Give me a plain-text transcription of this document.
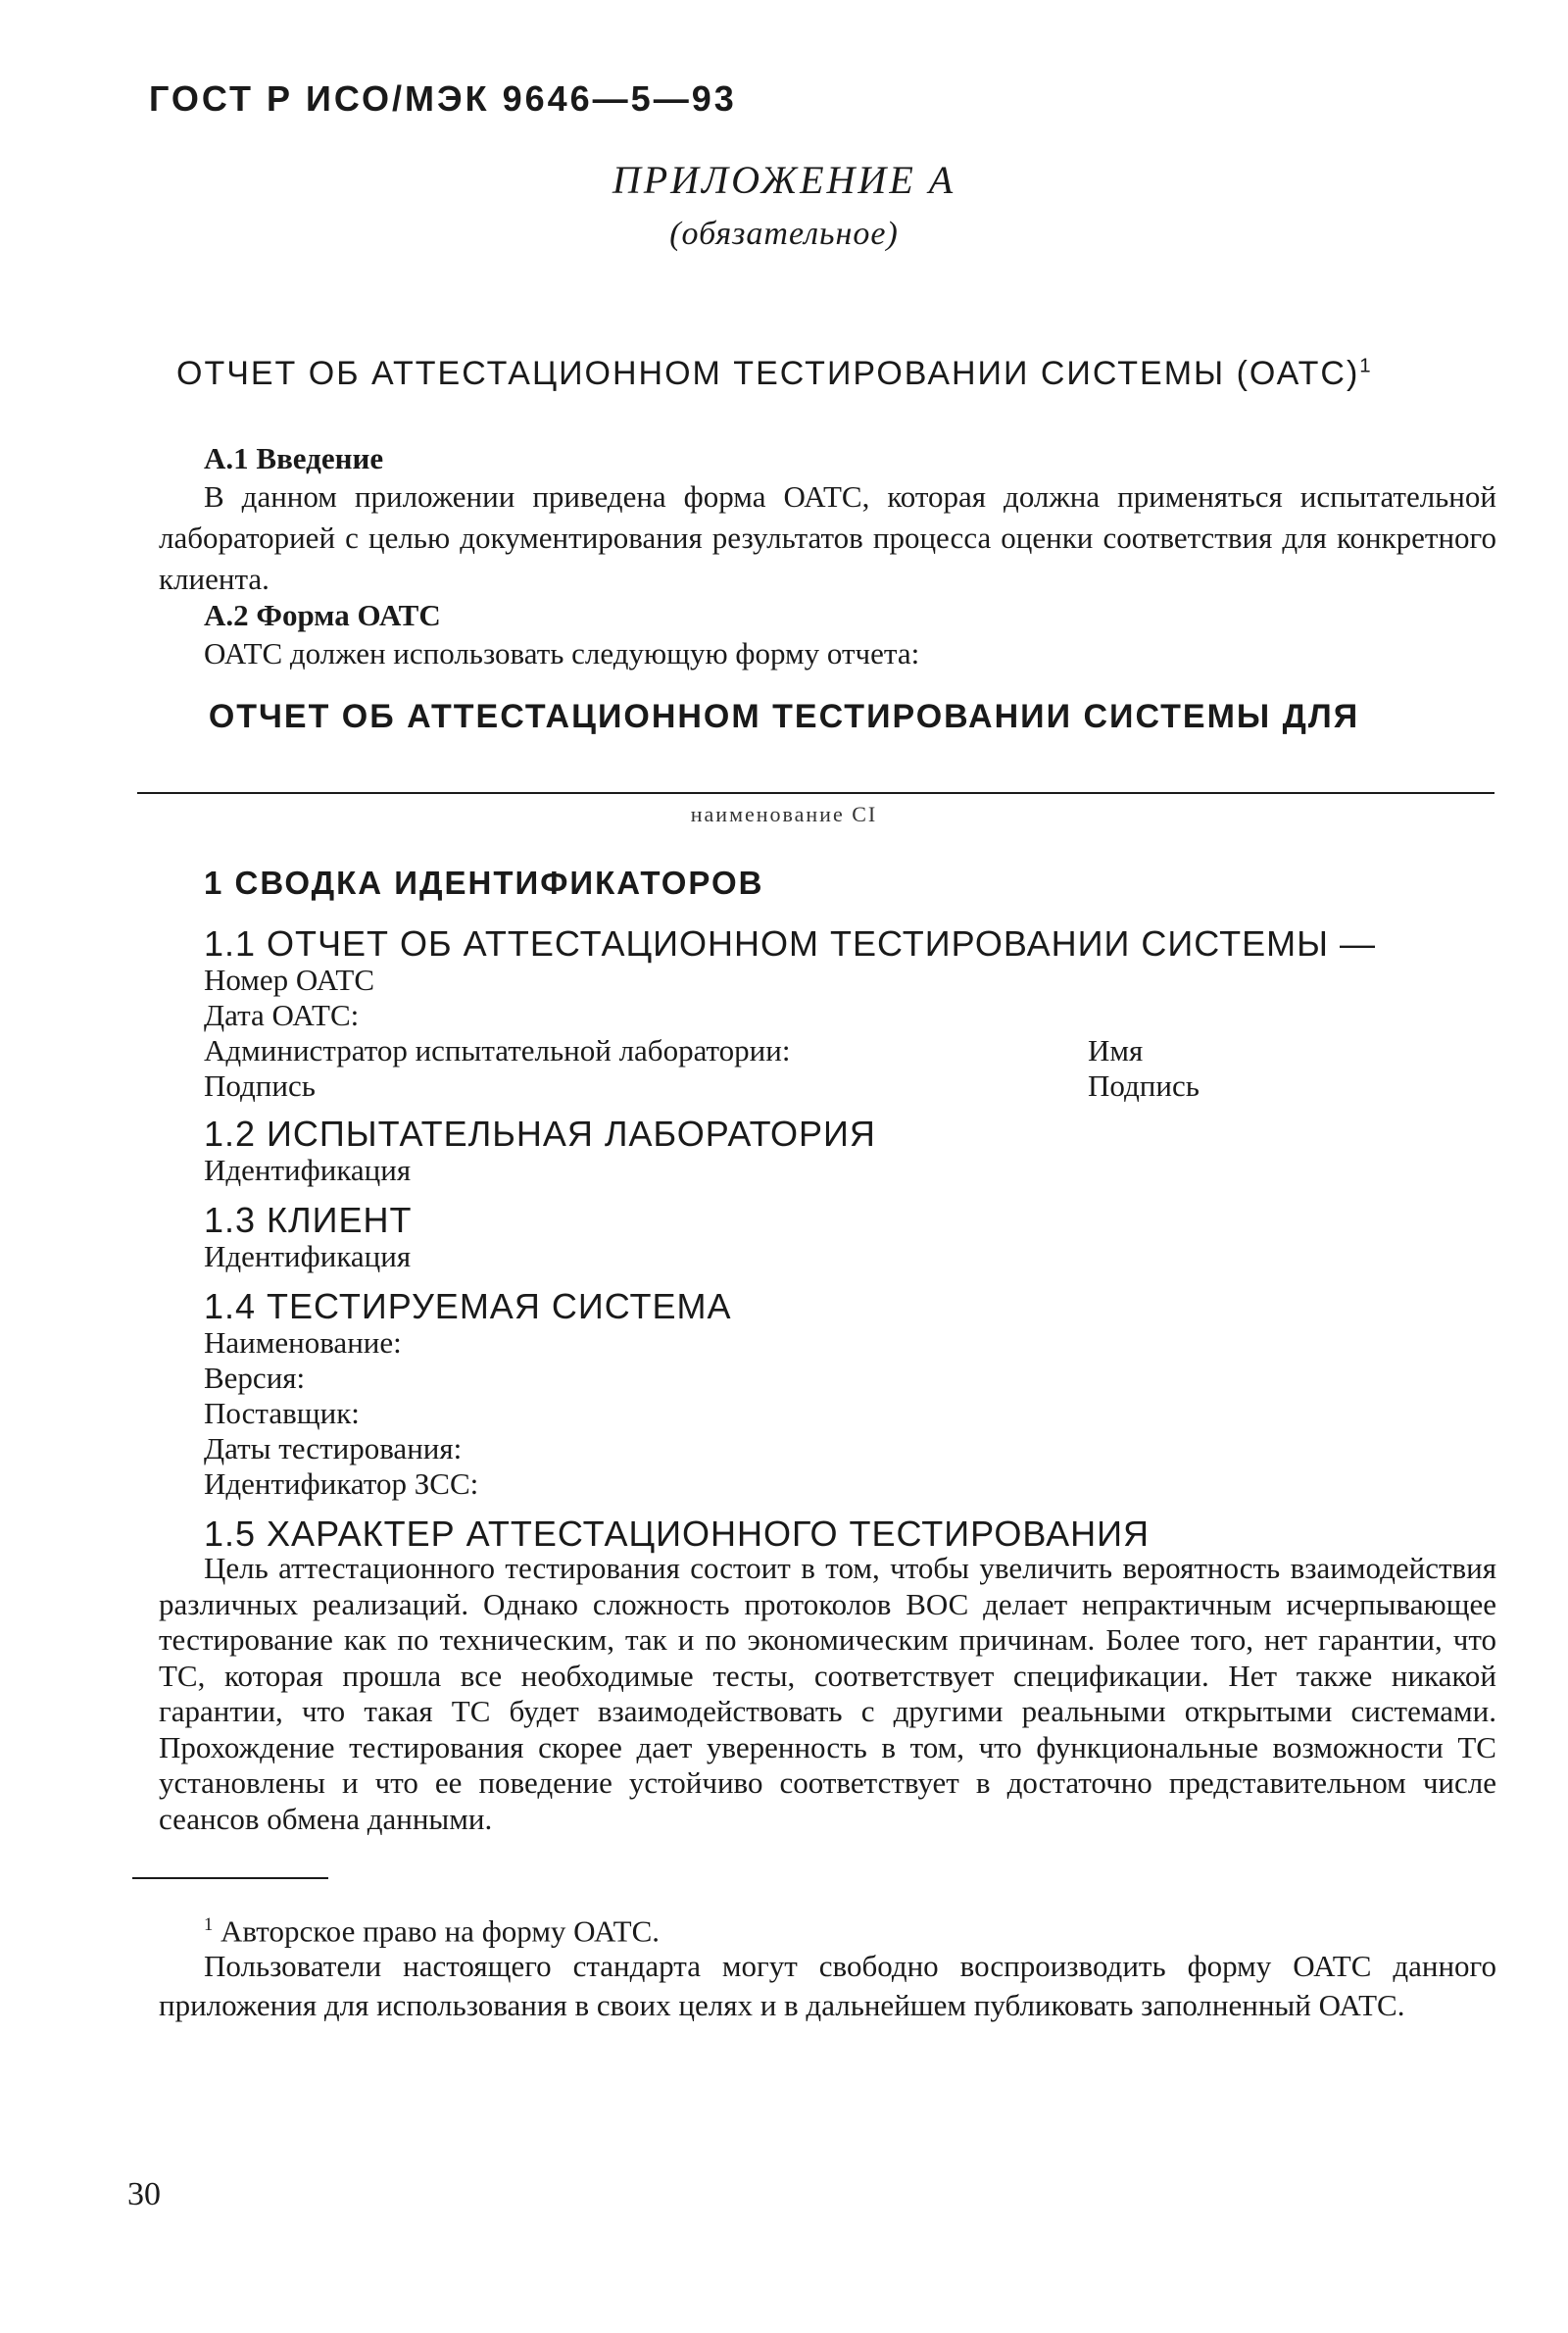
ГОСТ Р ИСО/МЭК 9646—5—93
ПРИЛОЖЕНИЕ А
(обязательное)
ОТЧЕТ ОБ АТТЕСТАЦИОННОМ ТЕСТИРОВАНИИ СИСТЕМЫ (ОАТС)$^1$
А.1 Введение

В данном приложении приведена форма ОАТС, которая должна применяться испытательной лабораторией с целью документирования результатов процесса оценки соответствия для конкретного клиента.

А.2 Форма ОАТС

ОАТС должен использовать следующую форму отчета:

ОТЧЕТ ОБ АТТЕСТАЦИОННОМ ТЕСТИРОВАНИИ СИСТЕМЫ ДЛЯ
наименование СI
1 СВОДКА ИДЕНТИФИКАТОРОВ
1.1 ОТЧЕТ ОБ АТТЕСТАЦИОННОМ ТЕСТИРОВАНИИ СИСТЕМЫ —
Номер ОАТС
Дата ОАТС:
Администратор испытательной лаборатории:	Имя
Подпись	Подпись
1.2 ИСПЫТАТЕЛЬНАЯ ЛАБОРАТОРИЯ
Идентификация
1.3 КЛИЕНТ
Идентификация
1.4 ТЕСТИРУЕМАЯ СИСТЕМА
Наименование:
Версия:
Поставщик:
Даты тестирования:
Идентификатор ЗСС:
1.5 ХАРАКТЕР АТТЕСТАЦИОННОГО ТЕСТИРОВАНИЯ

Цель аттестационного тестирования состоит в том, чтобы увеличить вероятность взаимодействия различных реализаций. Однако сложность протоколов ВОС делает непрактичным исчерпывающее тестирование как по техническим, так и по экономическим причинам. Более того, нет гарантии, что ТС, которая прошла все необходимые тесты, соответствует спецификации. Нет также никакой гарантии, что такая ТС будет взаимодействовать с другими реальными открытыми системами. Прохождение тестирования скорее дает уверенность в том, что функциональные возможности ТС установлены и что ее поведение устойчиво соответствует в достаточно представительном числе сеансов обмена данными.

$^1$ Авторское право на форму ОАТС.

Пользователи настоящего стандарта могут свободно воспроизводить форму ОАТС данного приложения для использования в своих целях и в дальнейшем публиковать заполненный ОАТС.

30
